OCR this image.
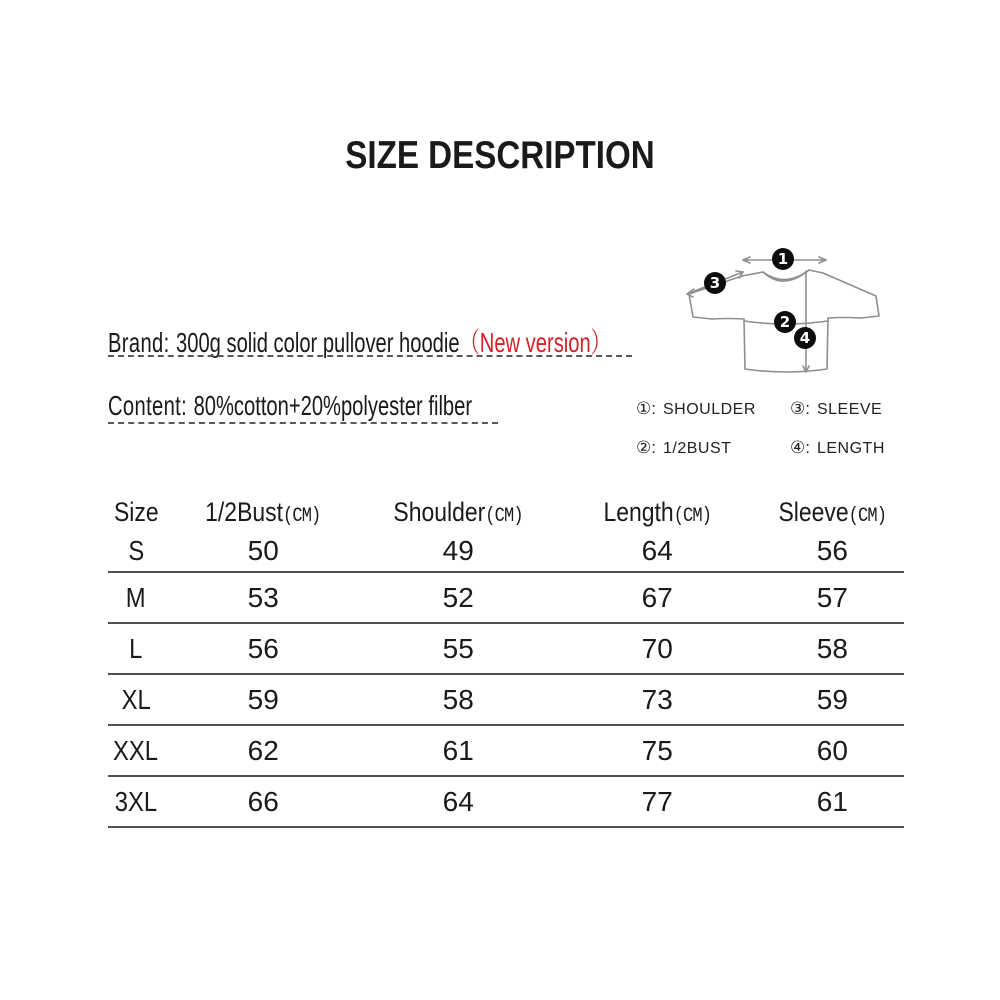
SIZE DESCRIPTION
Brand: 300g solid color pullover hoodie（New version）
Content: 80%cotton+20%polyester filber
1
3
2
4
①: SHOULDER	③: SLEEVE
②: 1/2BUST	④: LENGTH
Size	1/2Bust(CM)	Shoulder(CM)	Length(CM)	Sleeve(CM)
S	50	49	64	56
M	53	52	67	57
L	56	55	70	58
XL	59	58	73	59
XXL	62	61	75	60
3XL	66	64	77	61
